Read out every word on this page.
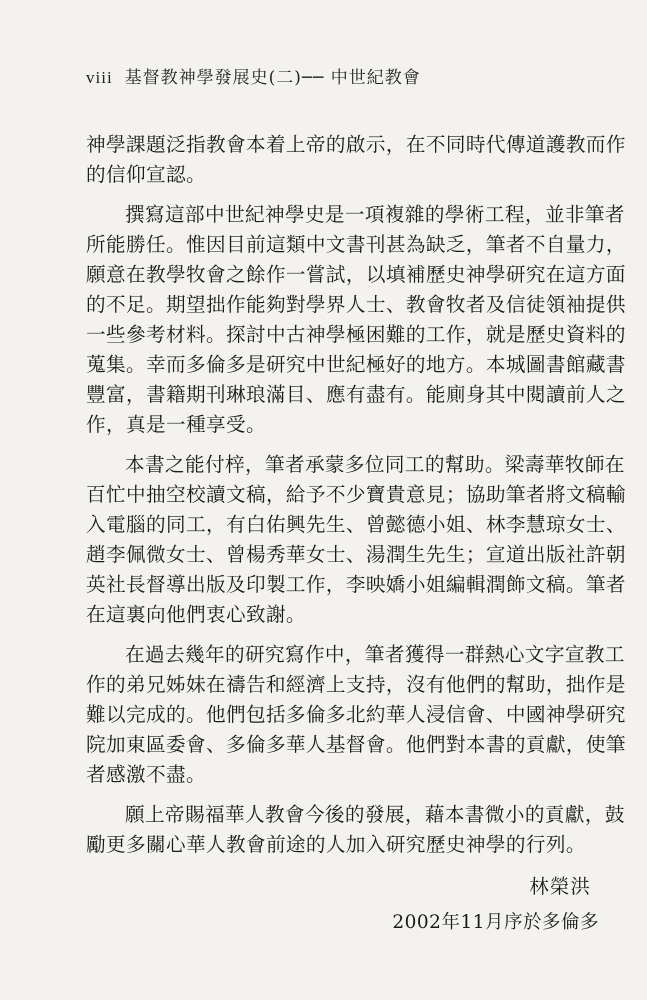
viii 基督教神學發展史(二)── 中世紀教會
神學課題泛指教會本着上帝的啟示，在不同時代傳道護教而作
的信仰宣認。
撰寫這部中世紀神學史是一項複雜的學術工程，並非筆者
所能勝任。惟因目前這類中文書刊甚為缺乏，筆者不自量力，
願意在教學牧會之餘作一嘗試，以填補歷史神學研究在這方面
的不足。期望拙作能夠對學界人士、教會牧者及信徒領袖提供
一些參考材料。探討中古神學極困難的工作，就是歷史資料的
蒐集。幸而多倫多是研究中世紀極好的地方。本城圖書館藏書
豐富，書籍期刊琳琅滿目、應有盡有。能廁身其中閱讀前人之
作，真是一種享受。
本書之能付梓，筆者承蒙多位同工的幫助。梁壽華牧師在
百忙中抽空校讀文稿，給予不少寶貴意見；協助筆者將文稿輸
入電腦的同工，有白佑興先生、曾懿德小姐、林李慧琼女士、
趙李佩微女士、曾楊秀華女士、湯潤生先生；宣道出版社許朝
英社長督導出版及印製工作，李映嬌小姐編輯潤飾文稿。筆者
在這裏向他們衷心致謝。
在過去幾年的研究寫作中，筆者獲得一群熱心文字宣教工
作的弟兄姊妹在禱告和經濟上支持，沒有他們的幫助，拙作是
難以完成的。他們包括多倫多北約華人浸信會、中國神學研究
院加東區委會、多倫多華人基督會。他們對本書的貢獻，使筆
者感激不盡。
願上帝賜福華人教會今後的發展，藉本書微小的貢獻，鼓
勵更多關心華人教會前途的人加入研究歷史神學的行列。
林榮洪
2002年11月序於多倫多
